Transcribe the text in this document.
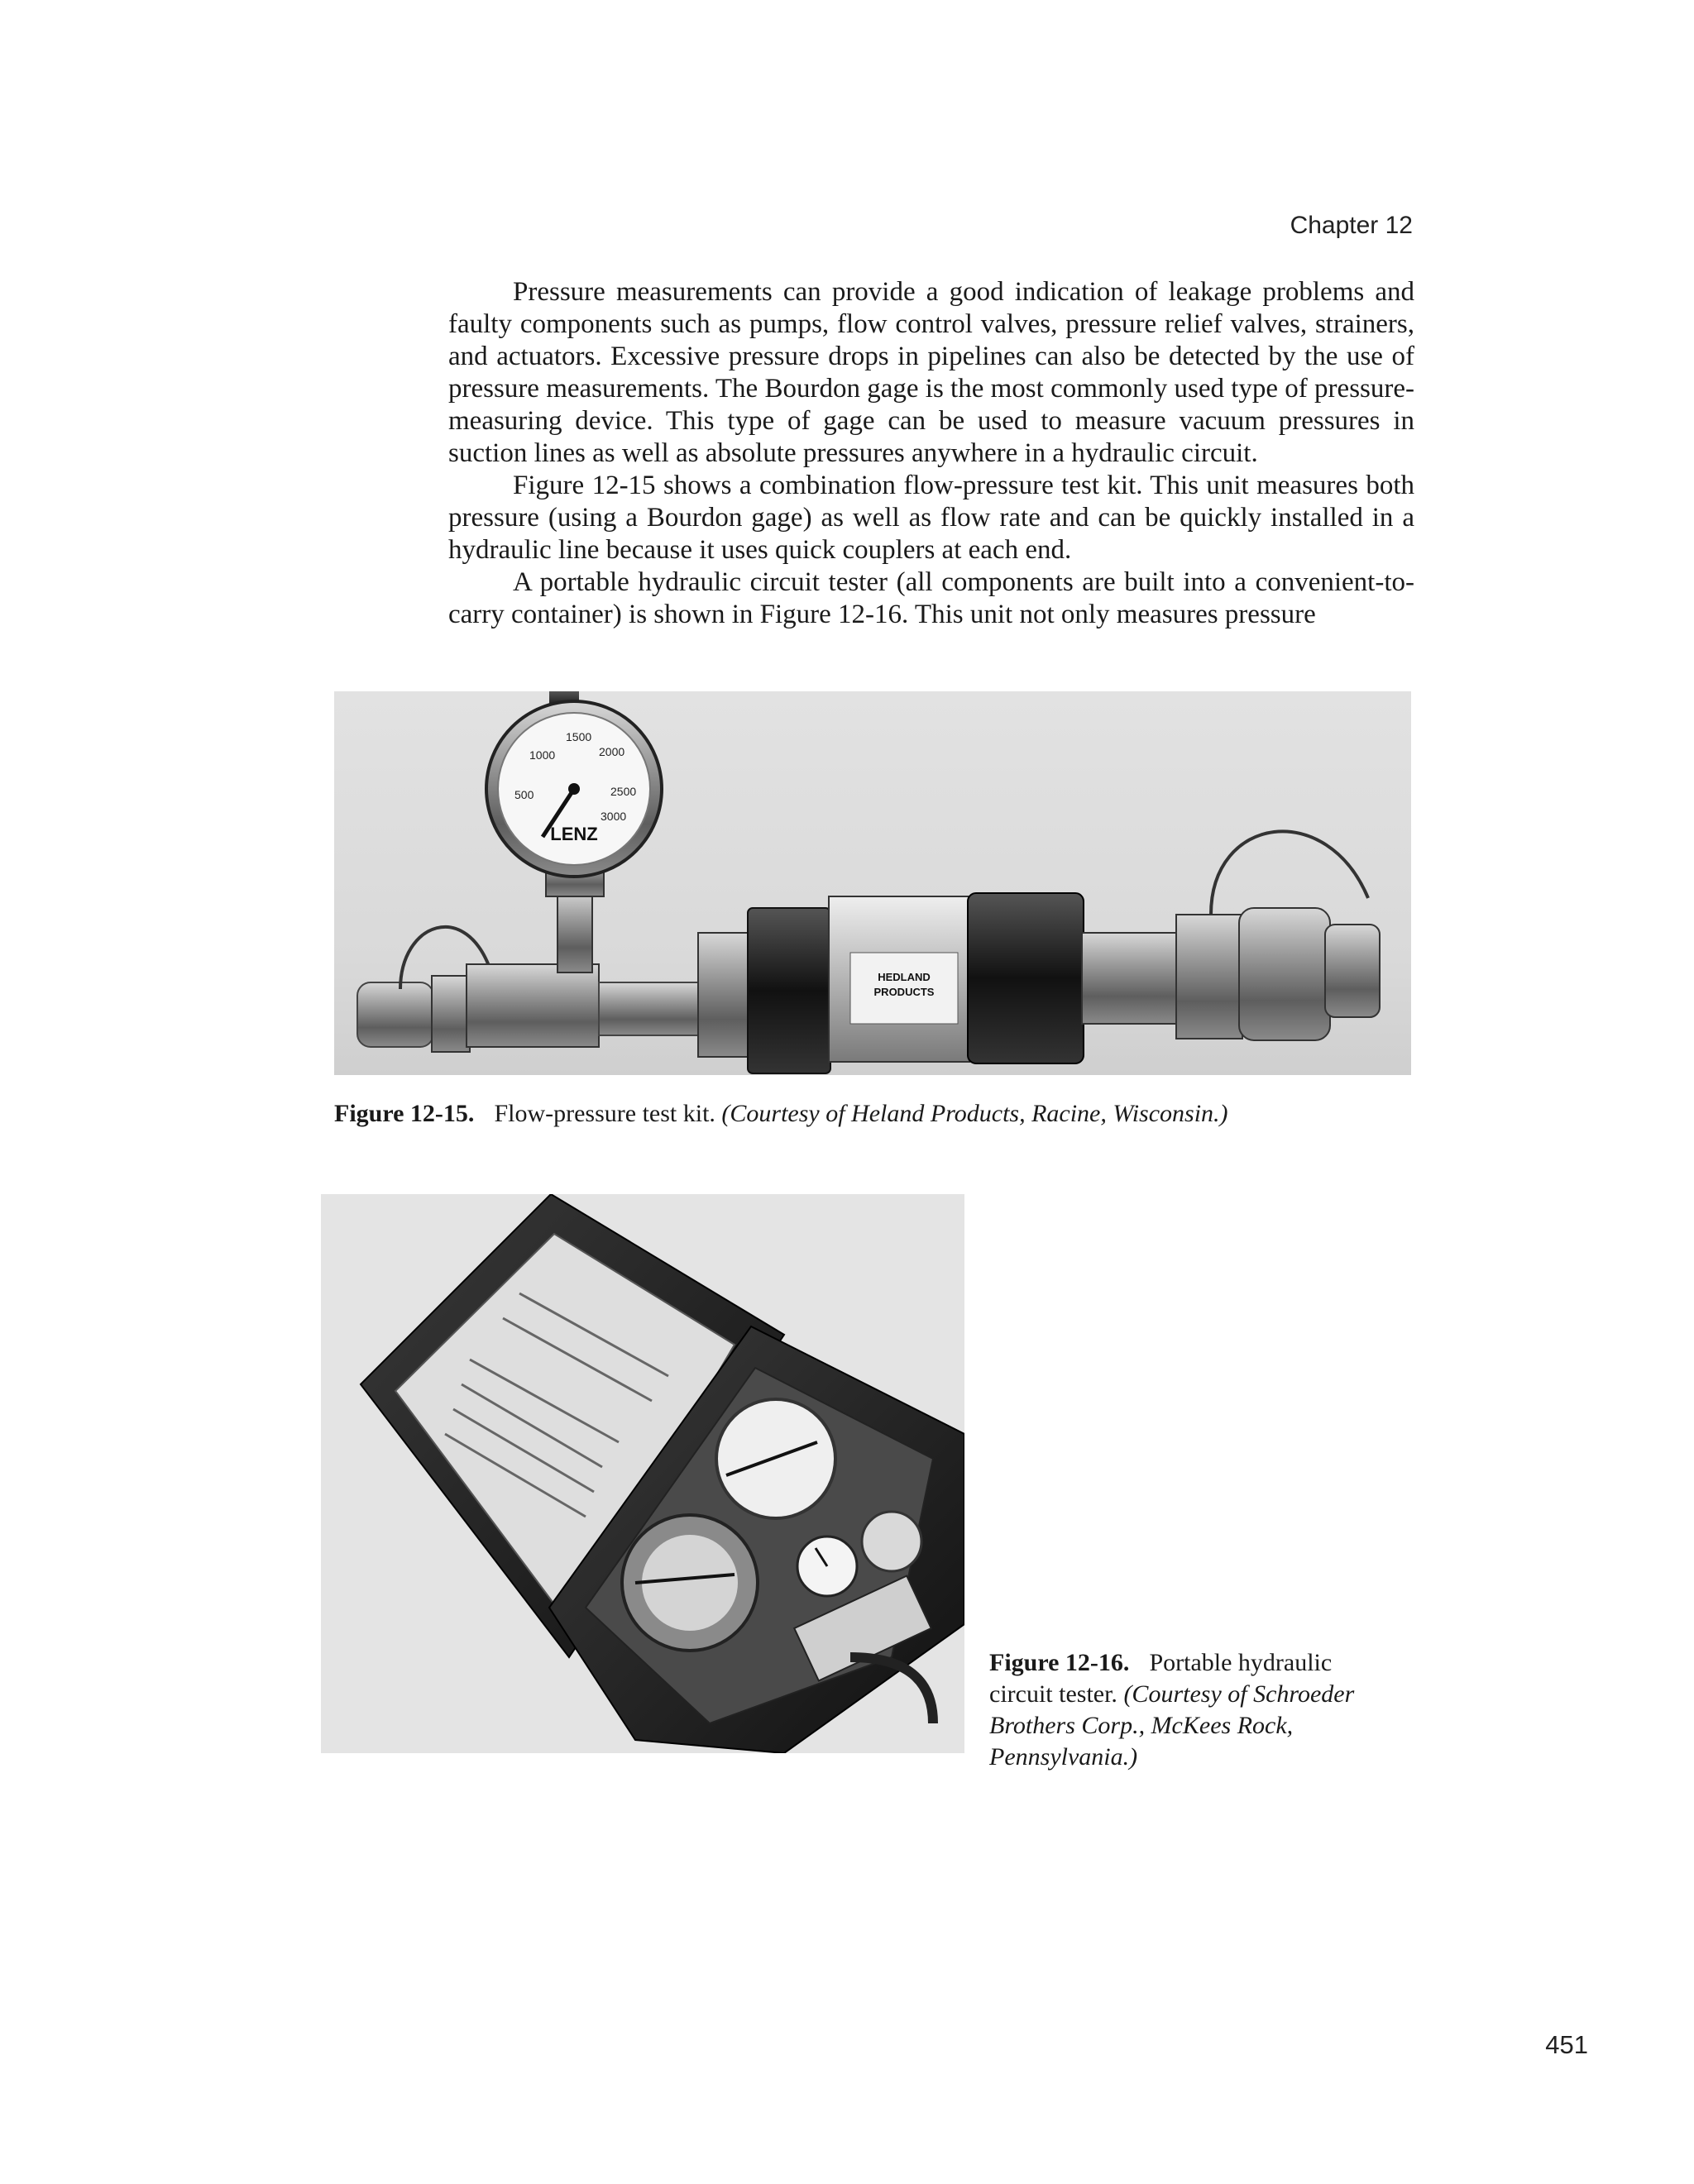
Chapter 12

Pressure measurements can provide a good indication of leakage problems and faulty components such as pumps, flow control valves, pressure relief valves, strainers, and actuators. Excessive pressure drops in pipelines can also be detected by the use of pressure measurements. The Bourdon gage is the most commonly used type of pressure-measuring device. This type of gage can be used to measure vacuum pressures in suction lines as well as absolute pressures anywhere in a hydraulic circuit.

Figure 12-15 shows a combination flow-pressure test kit. This unit measures both pressure (using a Bourdon gage) as well as flow rate and can be quickly installed in a hydraulic line because it uses quick couplers at each end.

A portable hydraulic circuit tester (all components are built into a convenient-to-carry container) is shown in Figure 12-16. This unit not only measures pressure

HEDLAND
PRODUCTS
LENZ
1000
1500
2000
2500
3000
500
Figure 12-15. Flow-pressure test kit. (Courtesy of Heland Products, Racine, Wisconsin.)
Figure 12-16. Portable hydraulic circuit tester. (Courtesy of Schroeder Brothers Corp., McKees Rock, Pennsylvania.)
451
